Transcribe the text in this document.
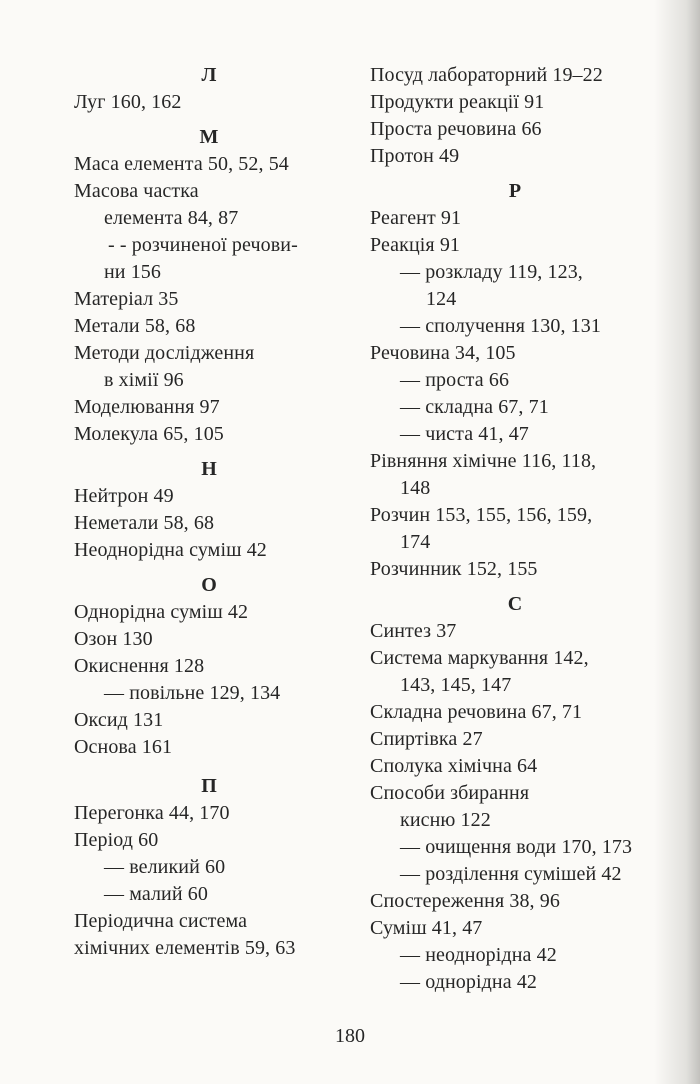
Л
Луг 160, 162
М
Маса елемента 50, 52, 54
Масова частка
елемента 84, 87
- - розчиненої речови-
ни 156
Матеріал 35
Метали 58, 68
Методи дослідження
в хімії 96
Моделювання 97
Молекула 65, 105
Н
Нейтрон 49
Неметали 58, 68
Неоднорідна суміш 42
О
Однорідна суміш 42
Озон 130
Окиснення 128
— повільне 129, 134
Оксид 131
Основа 161
П
Перегонка 44, 170
Період 60
— великий 60
— малий 60
Періодична система
хімічних елементів 59, 63
Посуд лабораторний 19–22
Продукти реакції 91
Проста речовина 66
Протон 49
Р
Реагент 91
Реакція 91
— розкладу 119, 123,
124
— сполучення 130, 131
Речовина 34, 105
— проста 66
— складна 67, 71
— чиста 41, 47
Рівняння хімічне 116, 118,
148
Розчин 153, 155, 156, 159,
174
Розчинник 152, 155
С
Синтез 37
Система маркування 142,
143, 145, 147
Складна речовина 67, 71
Спиртівка 27
Сполука хімічна 64
Способи збирання
кисню 122
— очищення води 170, 173
— розділення сумішей 42
Спостереження 38, 96
Суміш 41, 47
— неоднорідна 42
— однорідна 42
180
